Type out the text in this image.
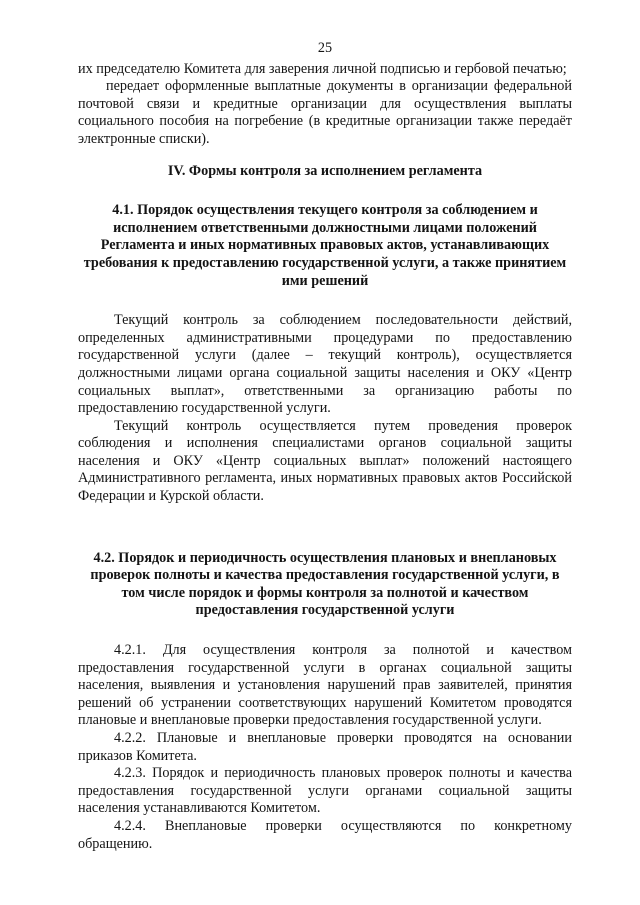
25

их председателю Комитета для заверения личной подписью и гербовой печатью;

передает оформленные выплатные документы в организации федеральной почтовой связи и кредитные организации для осуществления выплаты социального пособия на погребение (в кредитные организации также передаёт электронные списки).

IV. Формы контроля за исполнением регламента
4.1. Порядок осуществления текущего контроля за соблюдением и исполнением ответственными должностными лицами положений Регламента и иных нормативных правовых актов, устанавливающих требования к предоставлению государственной услуги, а также принятием ими решений

Текущий контроль за соблюдением последовательности действий, определенных административными процедурами по предоставлению государственной услуги (далее – текущий контроль), осуществляется должностными лицами органа социальной защиты населения и ОКУ «Центр социальных выплат», ответственными за организацию работы по предоставлению государственной услуги.

Текущий контроль осуществляется путем проведения проверок соблюдения и исполнения специалистами органов социальной защиты населения и ОКУ «Центр социальных выплат» положений настоящего Административного регламента, иных нормативных правовых актов Российской Федерации и Курской области.

4.2. Порядок и периодичность осуществления плановых и внеплановых проверок полноты и качества предоставления государственной услуги, в том числе порядок и формы контроля за полнотой и качеством предоставления государственной услуги

4.2.1. Для осуществления контроля за полнотой и качеством предоставления государственной услуги в органах социальной защиты населения, выявления и установления нарушений прав заявителей, принятия решений об устранении соответствующих нарушений Комитетом проводятся плановые и внеплановые проверки предоставления государственной услуги.

4.2.2. Плановые и внеплановые проверки проводятся на основании приказов Комитета.

4.2.3. Порядок и периодичность плановых проверок полноты и качества предоставления государственной услуги органами социальной защиты населения устанавливаются Комитетом.

4.2.4. Внеплановые проверки осуществляются по конкретному обращению.
